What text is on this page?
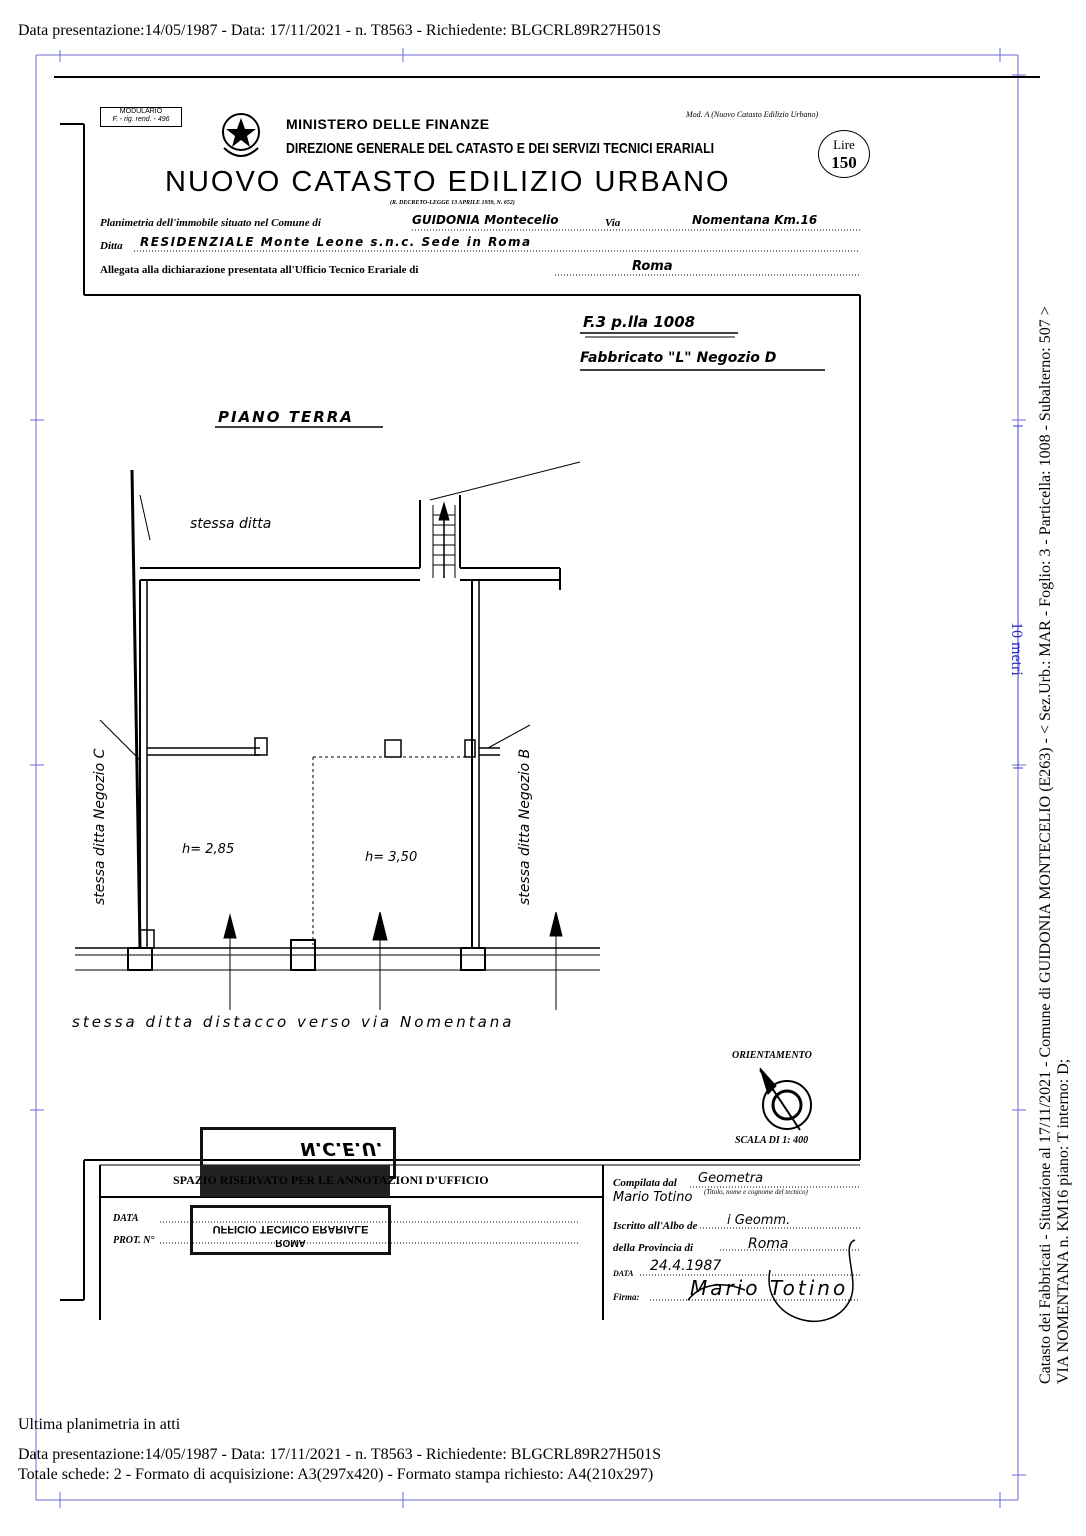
Data presentazione:14/05/1987 - Data: 17/11/2021 - n. T8563 - Richiedente: BLGCRL89R27H501S
MODULARIO
F. - rig. rend. - 496	MINISTERO DELLE FINANZE
DIREZIONE GENERALE DEL CATASTO E DEI SERVIZI TECNICI ERARIALI
NUOVO CATASTO EDILIZIO URBANO
(R. DECRETO-LEGGE 13 APRILE 1939, N. 652)
Mod. A (Nuovo Catasto Edilizio Urbano)
Lire
150
Planimetria dell'immobile situato nel Comune di	GUIDONIA Montecelio	Via	Nomentana Km.16
Ditta RESIDENZIALE Monte Leone s.n.c. Sede in Roma
Allegata alla dichiarazione presentata all'Ufficio Tecnico Erariale di	Roma
F.3 p.lla 1008
Fabbricato "L" Negozio D
PIANO TERRA
stessa ditta
stessa ditta Negozio C	stessa ditta Negozio B
h= 2,85
h= 3,50
stessa ditta distacco verso via Nomentana
ORIENTAMENTO
SCALA DI 1: 400
N.C.E.U.
ROMA
UFFICIO TECNICO ERARIALE
SPAZIO RISERVATO PER LE ANNOTAZIONI D'UFFICIO
DATA
PROT. N°
Compilata dal Geometra
Mario Totino (Titolo, nome e cognome del tecnico)
Iscritto all'Albo de i Geomm.
della Provincia di	Roma
DATA 24.4.1987
Firma:	Mario Totino	Catasto dei Fabbricati - Situazione al 17/11/2021 - Comune di GUIDONIA MONTECELIO (E263) - < Sez.Urb.: MAR - Foglio: 3 - Particella: 1008 - Subalterno: 507 > VIA NOMENTANA n. KM16 piano: T interno: D;
10 metri
Ultima planimetria in atti
Data presentazione:14/05/1987 - Data: 17/11/2021 - n. T8563 - Richiedente: BLGCRL89R27H501S
Totale schede: 2 - Formato di acquisizione: A3(297x420) - Formato stampa richiesto: A4(210x297)
